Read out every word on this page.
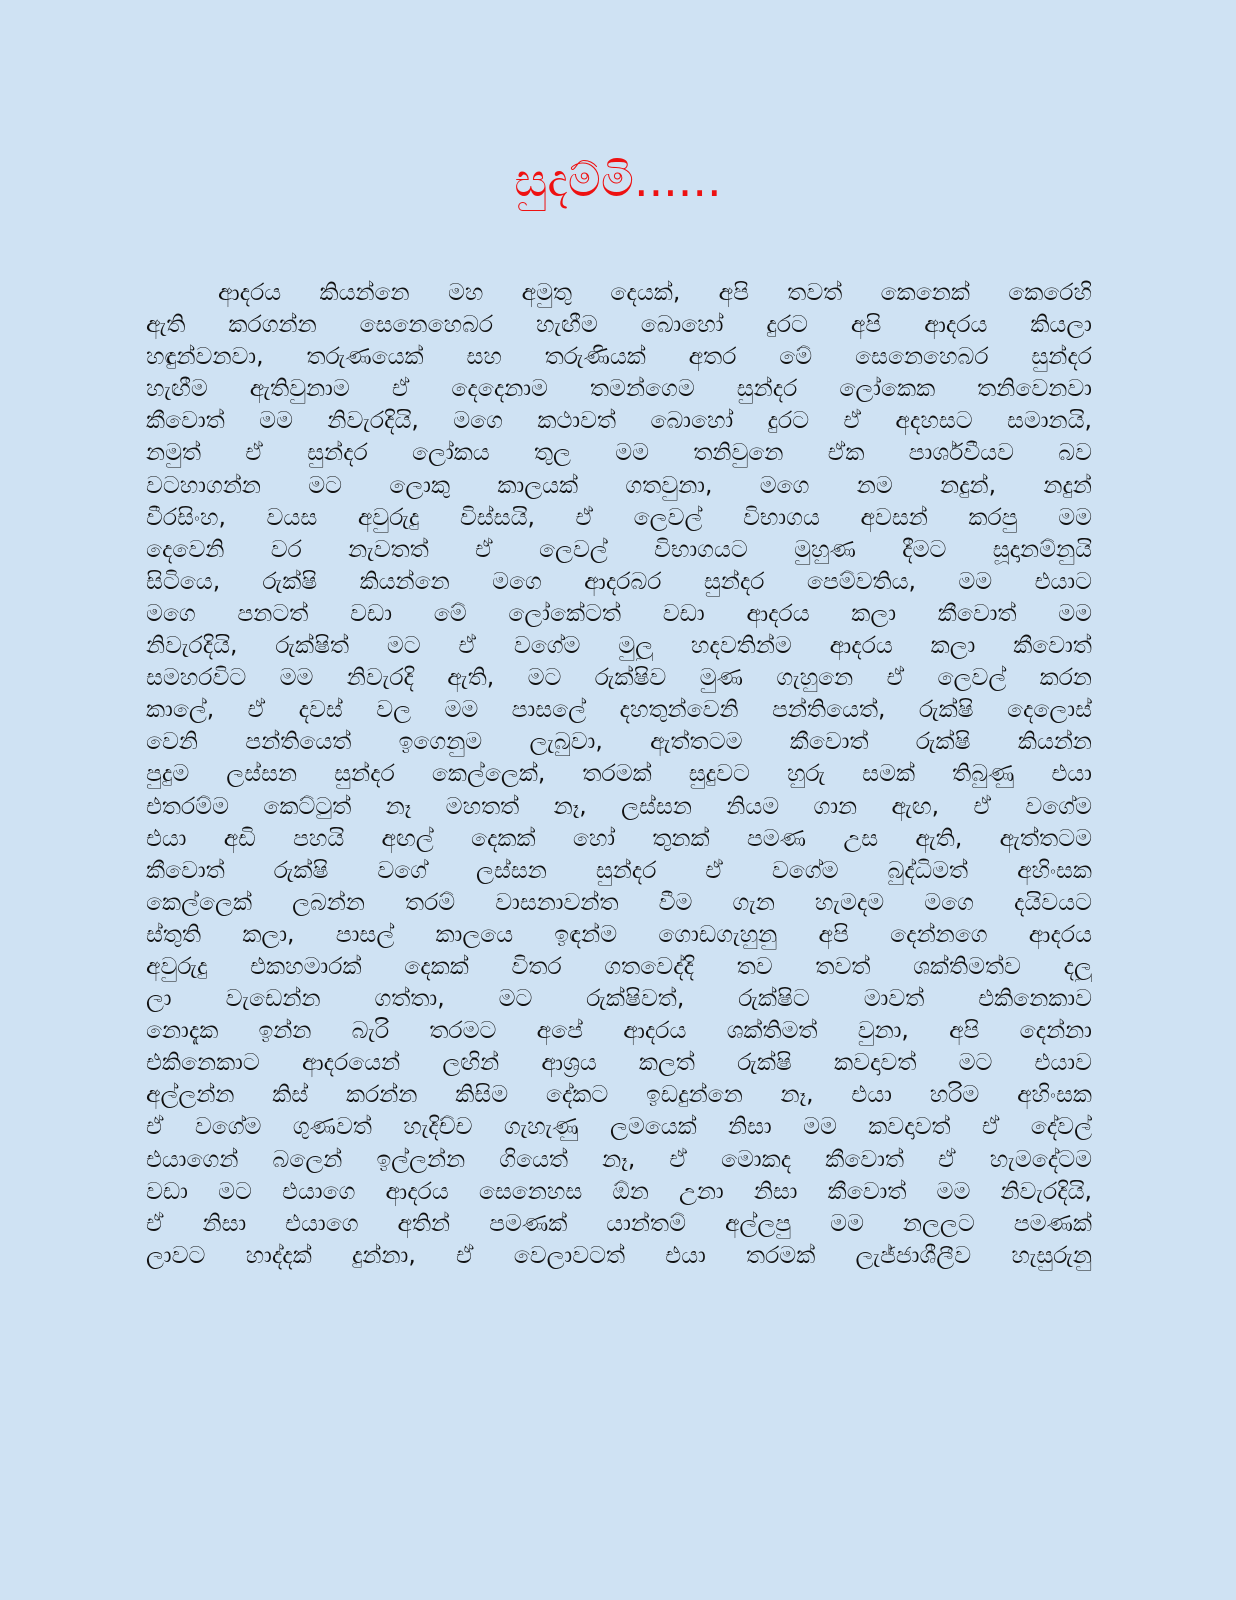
සුදම්මි......
ආදරය කියන්නෙ මහ අමුතු දෙයක්, අපි තවත් කෙනෙක් කෙරෙහි
ඇති කරගන්න සෙනෙහෙබර හැඟීම බොහෝ දුරට අපි ආදරය කියලා
හඳුන්වනවා, තරුණයෙක් සහ තරුණියක් අතර මේ සෙනෙහෙබර සුන්දර
හැඟීම ඇතිවුනාම ඒ දෙදෙනාම තමන්ගෙම සුන්දර ලෝකෙක තනිවෙනවා
කීවොත් මම නිවැරදියි, මගෙ කථාවත් බොහෝ දුරට ඒ අදහසට සමානයි,
නමුත් ඒ සුන්දර ලෝකය තුල මම තනිවුනෙ ඒක පාර්ශවීයව බව
වටහාගන්න මට ලොකු කාලයක් ගතවුනා, මගෙ නම නදුන්, නදුන්
වීරසිංහ, වයස අවුරුදු විස්සයි, ඒ ලෙවල් විභාගය අවසන් කරපු මම
දෙවෙනි වර නැවතත් ඒ ලෙවල් විභාගයට මුහුණ දීමට සූදානම්නුයි
සිටියෙ, රුක්ෂි කියන්නෙ මගෙ ආදරබර සුන්දර පෙම්වතිය, මම එයාට
මගෙ පනටත් වඩා මේ ලෝකේටත් වඩා ආදරය කලා කීවොත් මම
නිවැරදියි, රුක්ෂිත් මට ඒ වගේම මුලු හදවතින්ම ආදරය කලා කීවොත්
සමහරවිට මම නිවැරදි ඇති, මට රුක්ෂිව මුණ ගැහුනෙ ඒ ලෙවල් කරන
කාලේ, ඒ දවස් වල මම පාසලේ දහතුන්වෙනි පන්තියෙත්, රුක්ෂි දෙලොස්
වෙනි පන්තියෙත් ඉගෙනුම ලැබුවා, ඇත්තටම කීවොත් රුක්ෂි කියන්න
පුදුම ලස්සන සුන්දර කෙල්ලෙක්, තරමක් සුදුවට හුරු සමක් තිබුණු එයා
එතරම්ම කෙට්ටුත් නෑ මහතත් නෑ, ලස්සන නියම ගාන ඇඟ, ඒ වගේම
එයා අඩි පහයි අඟල් දෙකක් හෝ තුනක් පමණ උස ඇති, ඇත්තටම
කීවොත් රුක්ෂි වගේ ලස්සන සුන්දර ඒ වගේම බුද්ධිමත් අහිංසක
කෙල්ලෙක් ලබන්න තරම් වාසනාවන්ත වීම ගැන හැමදම මගෙ දයිවයට
ස්තුති කලා, පාසල් කාලයෙ ඉඳන්ම ගොඩගැහුනු අපි දෙන්නගෙ ආදරය
අවුරුදු එකහමාරක් දෙකක් විතර ගතවෙද්දි තව තවත් ශක්තිමත්ව දලු
ලා වැඩෙන්න ගත්තා, මට රුක්ෂිවත්, රුක්ෂිට මාවත් එකිනෙකාව
නොදැක ඉන්න බැරි තරමට අපේ ආදරය ශක්තිමත් වුනා, අපි දෙන්නා
එකිනෙකාට ආදරයෙන් ලඟින් ආශ්‍රය කලත් රුක්ෂි කවදාවත් මට එයාව
අල්ලන්න කිස් කරන්න කිසිම දේකට ඉඩදුන්නෙ නෑ, එයා හරිම අහිංසක
ඒ වගේම ගුණවත් හැදිච්ච ගැහැණු ලමයෙක් නිසා මම කවදාවත් ඒ දේවල්
එයාගෙන් බලෙන් ඉල්ලන්න ගියෙත් නෑ, ඒ මොකද කීවොත් ඒ හැමදේටම
වඩා මට එයාගෙ ආදරය සෙනෙහස ඕන උනා නිසා කීවොත් මම නිවැරදියි,
ඒ නිසා එයාගෙ අතින් පමණක් යාන්තම් අල්ලපු මම නලලට පමණක්
ලාවට හාද්දක් දුන්නා, ඒ වෙලාවටත් එයා තරමක් ලැජ්ජාශීලීව හැසුරුනු
